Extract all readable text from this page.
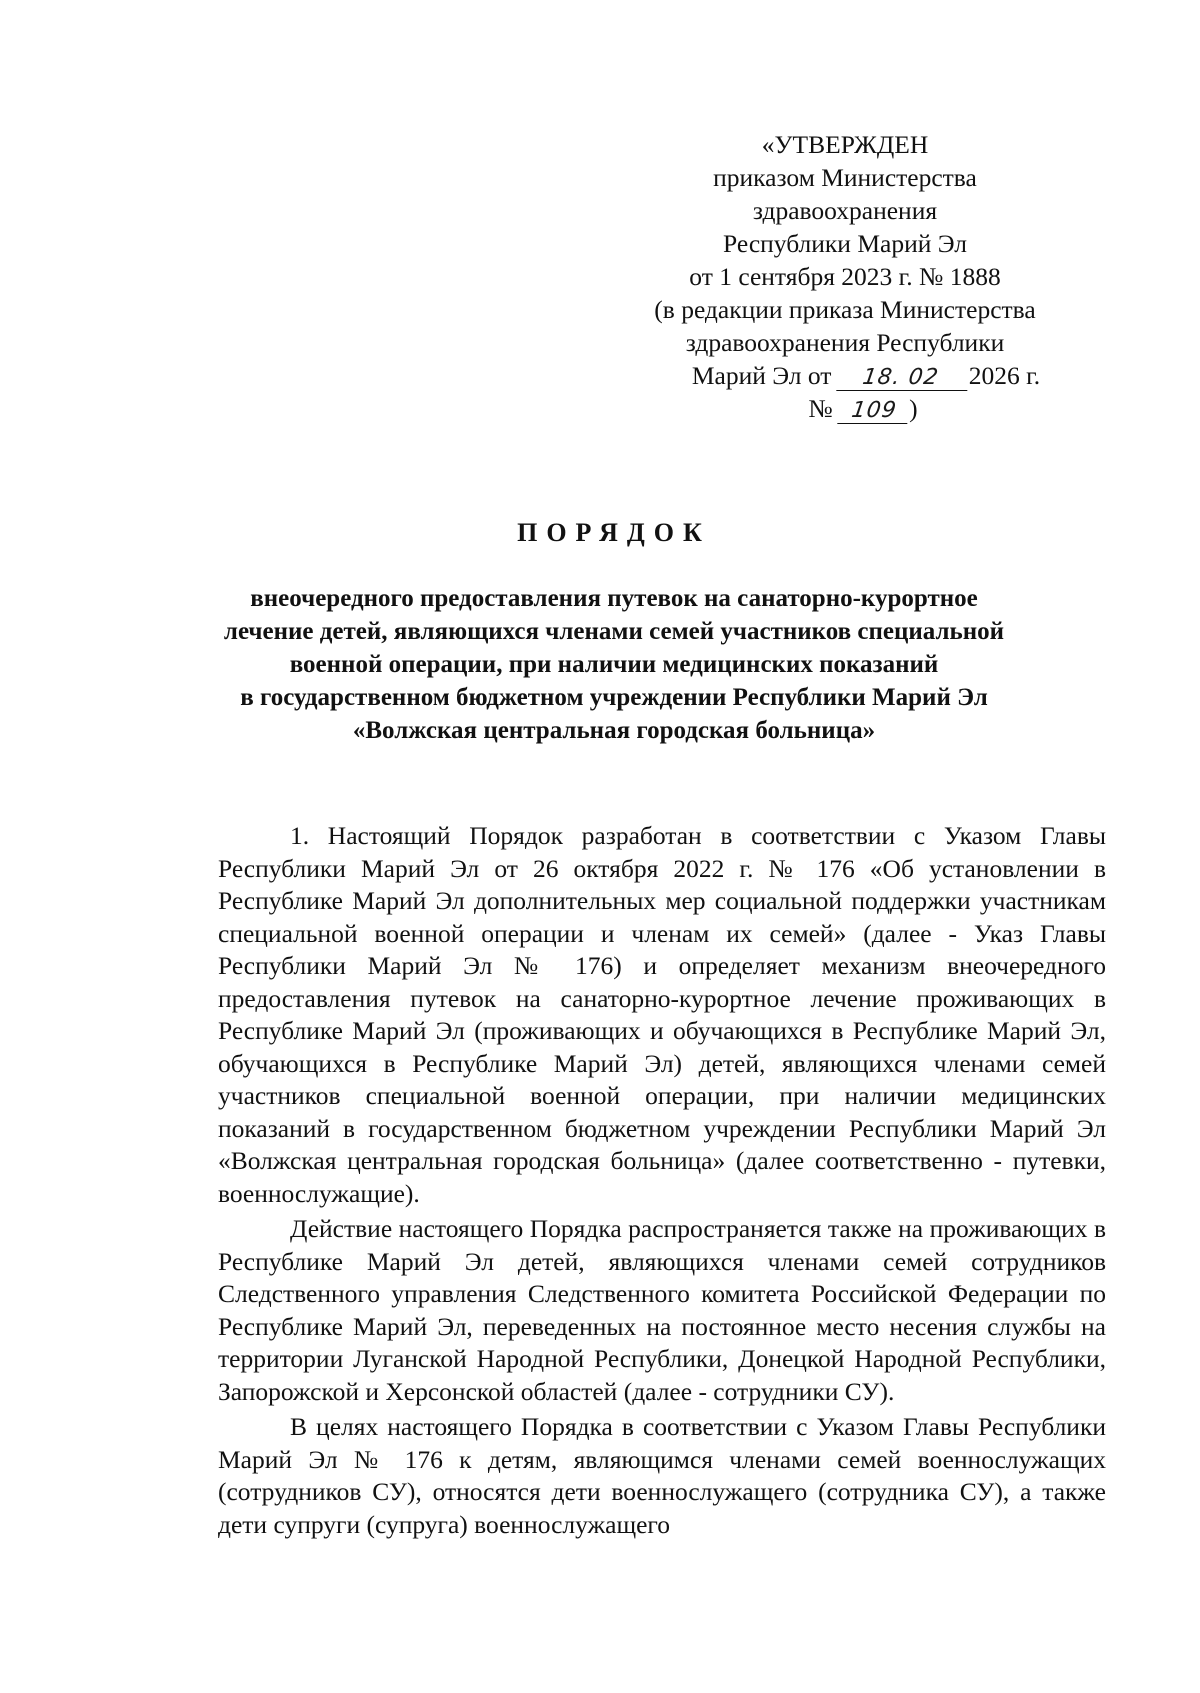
«УТВЕРЖДЕН
приказом Министерства
здравоохранения
Республики Марий Эл
от 1 сентября 2023 г. № 1888
(в редакции приказа Министерства
здравоохранения Республики
Марий Эл от 18. 02 2026 г.
№ 109 )
ПОРЯДОК
внеочередного предоставления путевок на санаторно-курортное
лечение детей, являющихся членами семей участников специальной
военной операции, при наличии медицинских показаний
в государственном бюджетном учреждении Республики Марий Эл
«Волжская центральная городская больница»

1. Настоящий Порядок разработан в соответствии с Указом Главы Республики Марий Эл от 26 октября 2022 г. № 176 «Об установлении в Республике Марий Эл дополнительных мер социальной поддержки участникам специальной военной операции и членам их семей» (далее - Указ Главы Республики Марий Эл № 176) и определяет механизм внеочередного предоставления путевок на санаторно-курортное лечение проживающих в Республике Марий Эл (проживающих и обучающихся в Республике Марий Эл, обучающихся в Республике Марий Эл) детей, являющихся членами семей участников специальной военной операции, при наличии медицинских показаний в государственном бюджетном учреждении Республики Марий Эл «Волжская центральная городская больница» (далее соответственно - путевки, военнослужащие).

Действие настоящего Порядка распространяется также на проживающих в Республике Марий Эл детей, являющихся членами семей сотрудников Следственного управления Следственного комитета Российской Федерации по Республике Марий Эл, переведенных на постоянное место несения службы на территории Луганской Народной Республики, Донецкой Народной Республики, Запорожской и Херсонской областей (далее - сотрудники СУ).

В целях настоящего Порядка в соответствии с Указом Главы Республики Марий Эл № 176 к детям, являющимся членами семей военнослужащих (сотрудников СУ), относятся дети военнослужащего (сотрудника СУ), а также дети супруги (супруга) военнослужащего
